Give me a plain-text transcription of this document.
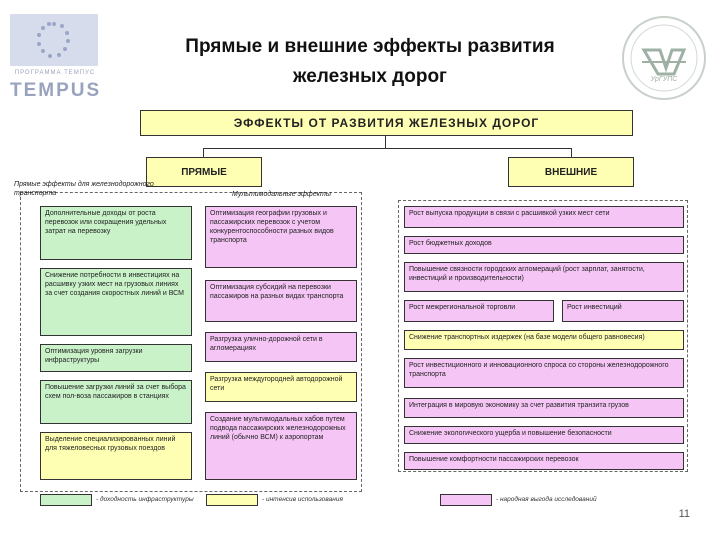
ПРОГРАММА ТЕМПУС
TEMPUS
Прямые и внешние эффекты развития
железных дорог	УрГУПС
ЭФФЕКТЫ ОТ РАЗВИТИЯ ЖЕЛЕЗНЫХ ДОРОГ
ПРЯМЫЕ	ВНЕШНИЕ
Прямые эффекты для железнодорожного транспорта	Мультимодальные эффекты
Дополнительные доходы от роста перевозок или сокращения удельных затрат на перевозку
Снижение потребности в инвестициях на расшивку узких мест на грузовых линиях за счет создания скоростных линий и ВСМ
Оптимизация уровня загрузки инфраструктуры
Повышение загрузки линий за счет выбора схем пол-воза пассажиров в станциях
Выделение специализированных линий для тяжеловесных грузовых поездов
Оптимизация географии грузовых и пассажирских перевозок с учетом конкурентоспособности разных видов транспорта
Оптимизация субсидий на перевозки пассажиров на разных видах транспорта
Разгрузка улично-дорожной сети в агломерациях
Разгрузка междугородней автодорожной сети
Создание мультимодальных хабов путем подвода пассажирских железнодорожных линий (обычно ВСМ) к аэропортам
Рост выпуска продукции в связи с расшивкой узких мест сети
Рост бюджетных доходов
Повышение связности городских агломераций (рост зарплат, занятости, инвестиций и производительности)
Рост межрегиональной торговли	Рост инвестиций
Снижение транспортных издержек (на базе модели общего равновесия)
Рост инвестиционного и инновационного спроса со стороны железнодорожного транспорта
Интеграция в мировую экономику за счет развития транзита грузов
Снижение экологического ущерба и повышение безопасности
Повышение комфортности пассажирских перевозок
- доходность инфраструктуры	- интенсив использования	- народная выгода исследований
11
